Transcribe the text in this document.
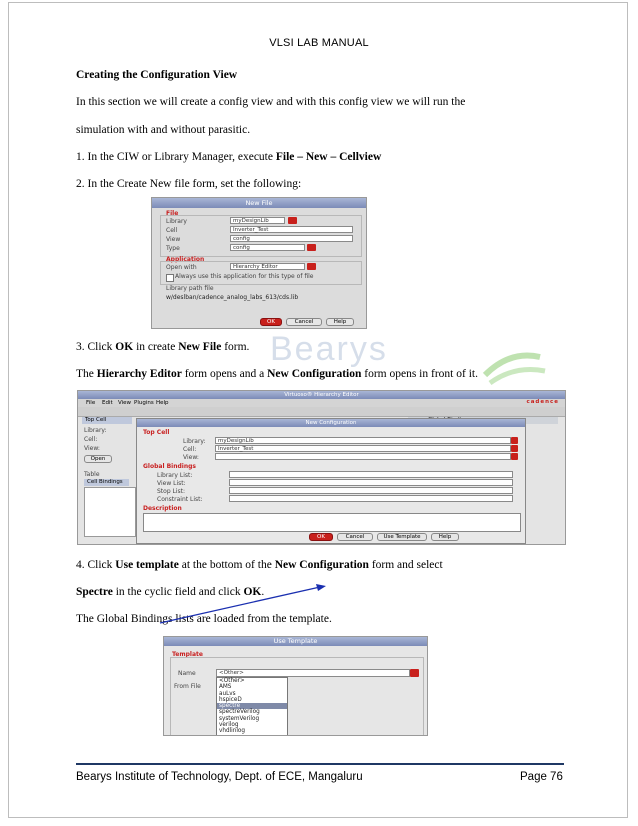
VLSI LAB MANUAL
Bearys
Creating the Configuration View
In this section we will create a config view and with this config view we will run the
simulation with and without parasitic.
1. In the CIW or Library Manager, execute File – New – Cellview
2. In the Create New file form, set the following:
New File
File
Library	myDesignLib
Cell	Inverter_Test
View	config
Type	config
Application
Open with	Hierarchy Editor
Always use this application for this type of file
Library path file
w/deslban/cadence_analog_labs_613/cds.lib
OK	Cancel	Help
3. Click OK in create New File form.
The Hierarchy Editor form opens and a New Configuration form opens in front of it.
Virtuoso® Hierarchy Editor
File Edit View Plugins Help	cadence
Top Cell
Library:
Cell:
View:
Open
Table
Cell Bindings
New Configuration
Top Cell
Library:	myDesignLib
Cell:	Inverter_Test
View:
Global Bindings
Library List:
View List:
Stop List:
Constraint List:
Description
OK	Cancel	Use Template	Help
4. Click Use template at the bottom of the New Configuration form and select
Spectre in the cyclic field and click OK.
The Global Bindings lists are loaded from the template.
Use Template
Template
Name	<Other>
From File
<Other>
AMS
auLvs
hspiceD
spectre
spectreVerilog
systemVerilog
verilog
vhdlinlog
Bearys Institute of Technology, Dept. of ECE, Mangaluru	Page 76
